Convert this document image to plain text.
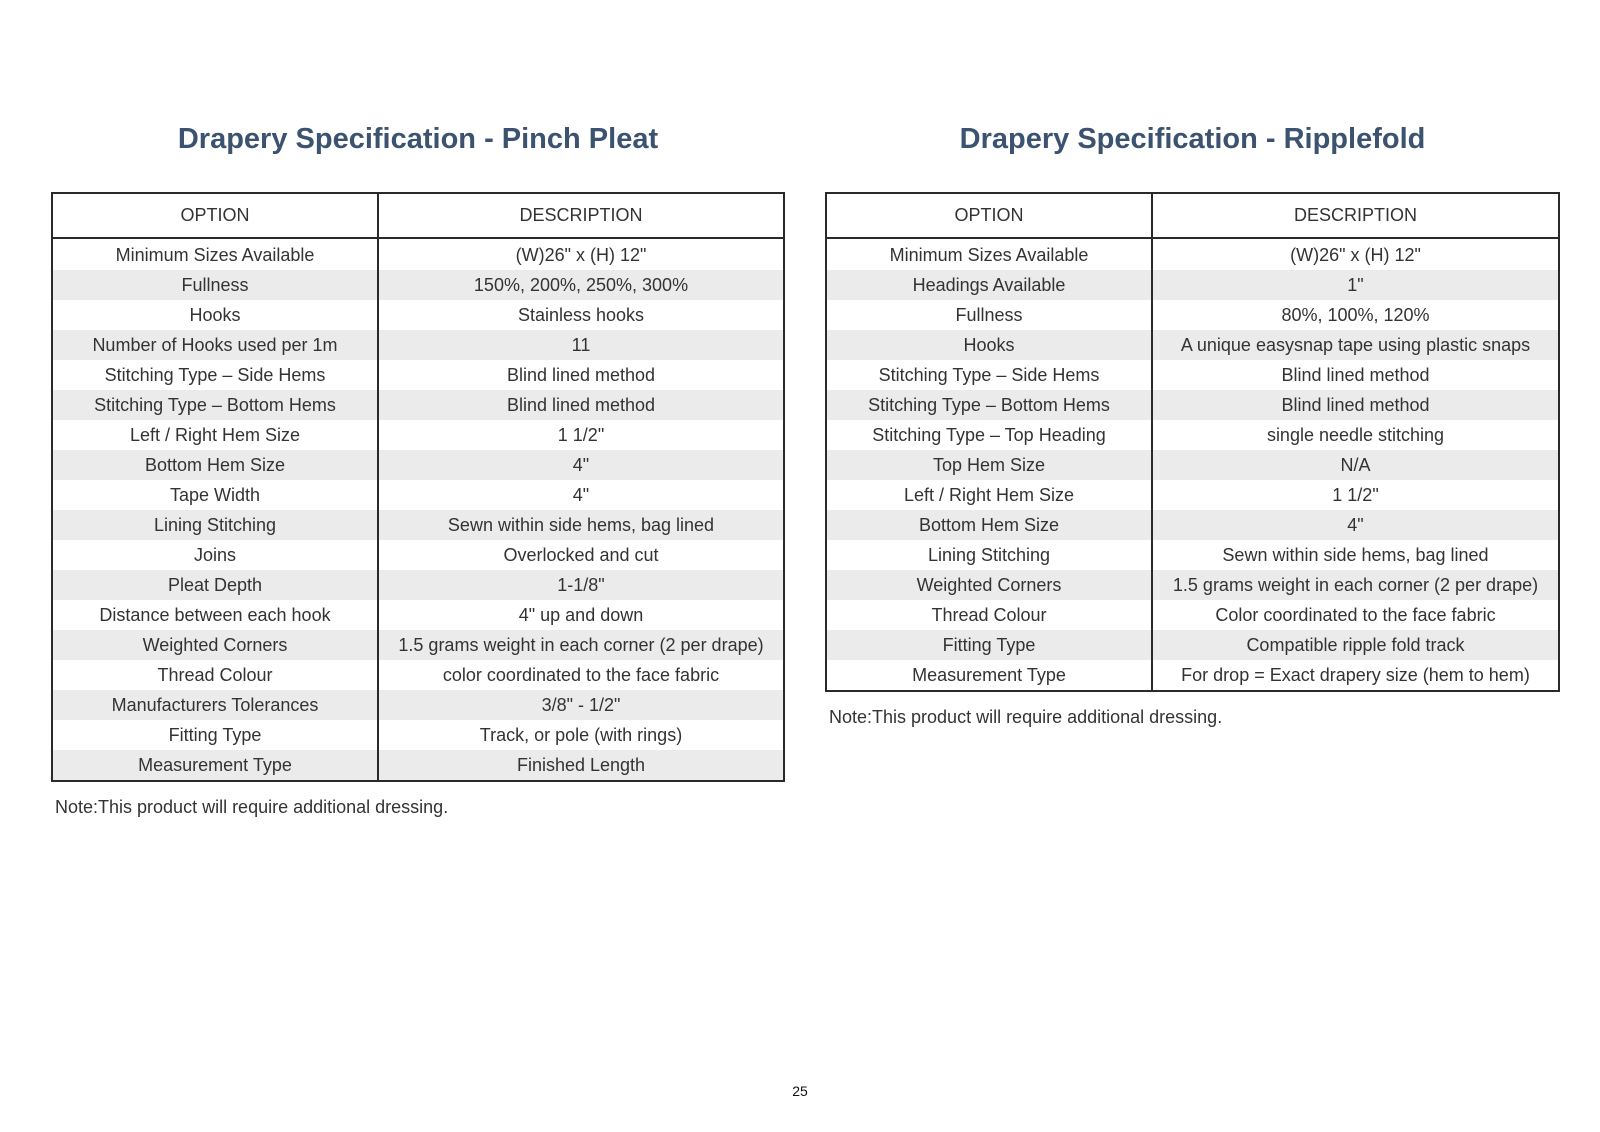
Drapery Specification - Pinch Pleat
OPTION	DESCRIPTION
Minimum Sizes Available	(W)26" x (H) 12"
Fullness	150%, 200%, 250%, 300%
Hooks	Stainless hooks
Number of Hooks used per 1m	11
Stitching Type – Side Hems	Blind lined method
Stitching Type – Bottom Hems	Blind lined method
Left / Right Hem Size	1 1/2"
Bottom Hem Size	4"
Tape Width	4"
Lining Stitching	Sewn within side hems, bag lined
Joins	Overlocked and cut
Pleat Depth	1-1/8"
Distance between each hook	4" up and down
Weighted Corners	1.5 grams weight in each corner (2 per drape)
Thread Colour	color coordinated to the face fabric
Manufacturers Tolerances	3/8" - 1/2"
Fitting Type	Track, or pole (with rings)
Measurement Type	Finished Length

Note:This product will require additional dressing.

Drapery Specification - Ripplefold
OPTION	DESCRIPTION
Minimum Sizes Available	(W)26" x (H) 12"
Headings Available	1"
Fullness	80%, 100%, 120%
Hooks	A unique easysnap tape using plastic snaps
Stitching Type – Side Hems	Blind lined method
Stitching Type – Bottom Hems	Blind lined method
Stitching Type – Top Heading	single needle stitching
Top Hem Size	N/A
Left / Right Hem Size	1 1/2"
Bottom Hem Size	4"
Lining Stitching	Sewn within side hems, bag lined
Weighted Corners	1.5 grams weight in each corner (2 per drape)
Thread Colour	Color coordinated to the face fabric
Fitting Type	Compatible ripple fold track
Measurement Type	For drop = Exact drapery size (hem to hem)

Note:This product will require additional dressing.

25
